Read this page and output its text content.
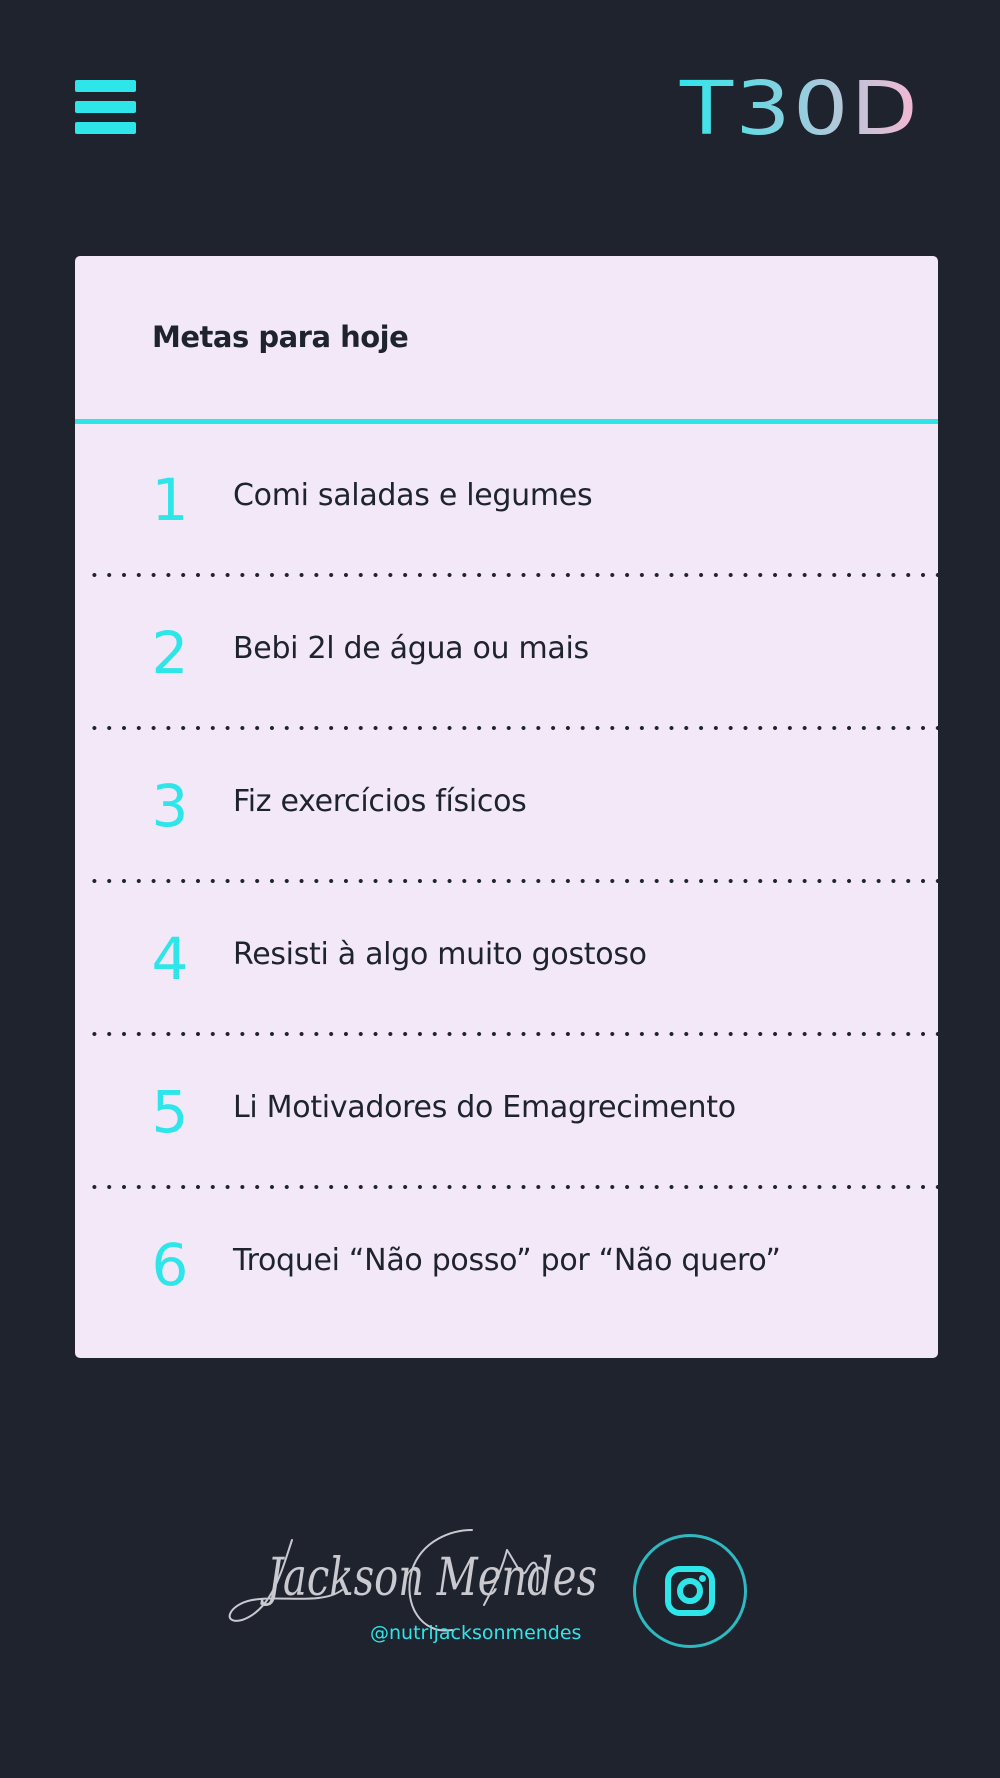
T30D
Metas para hoje
1	Comi saladas e legumes
2	Bebi 2l de água ou mais
3	Fiz exercícios físicos
4	Resisti à algo muito gostoso
5	Li Motivadores do Emagrecimento
6	Troquei “Não posso” por “Não quero”
Jackson Mendes
@nutrijacksonmendes
